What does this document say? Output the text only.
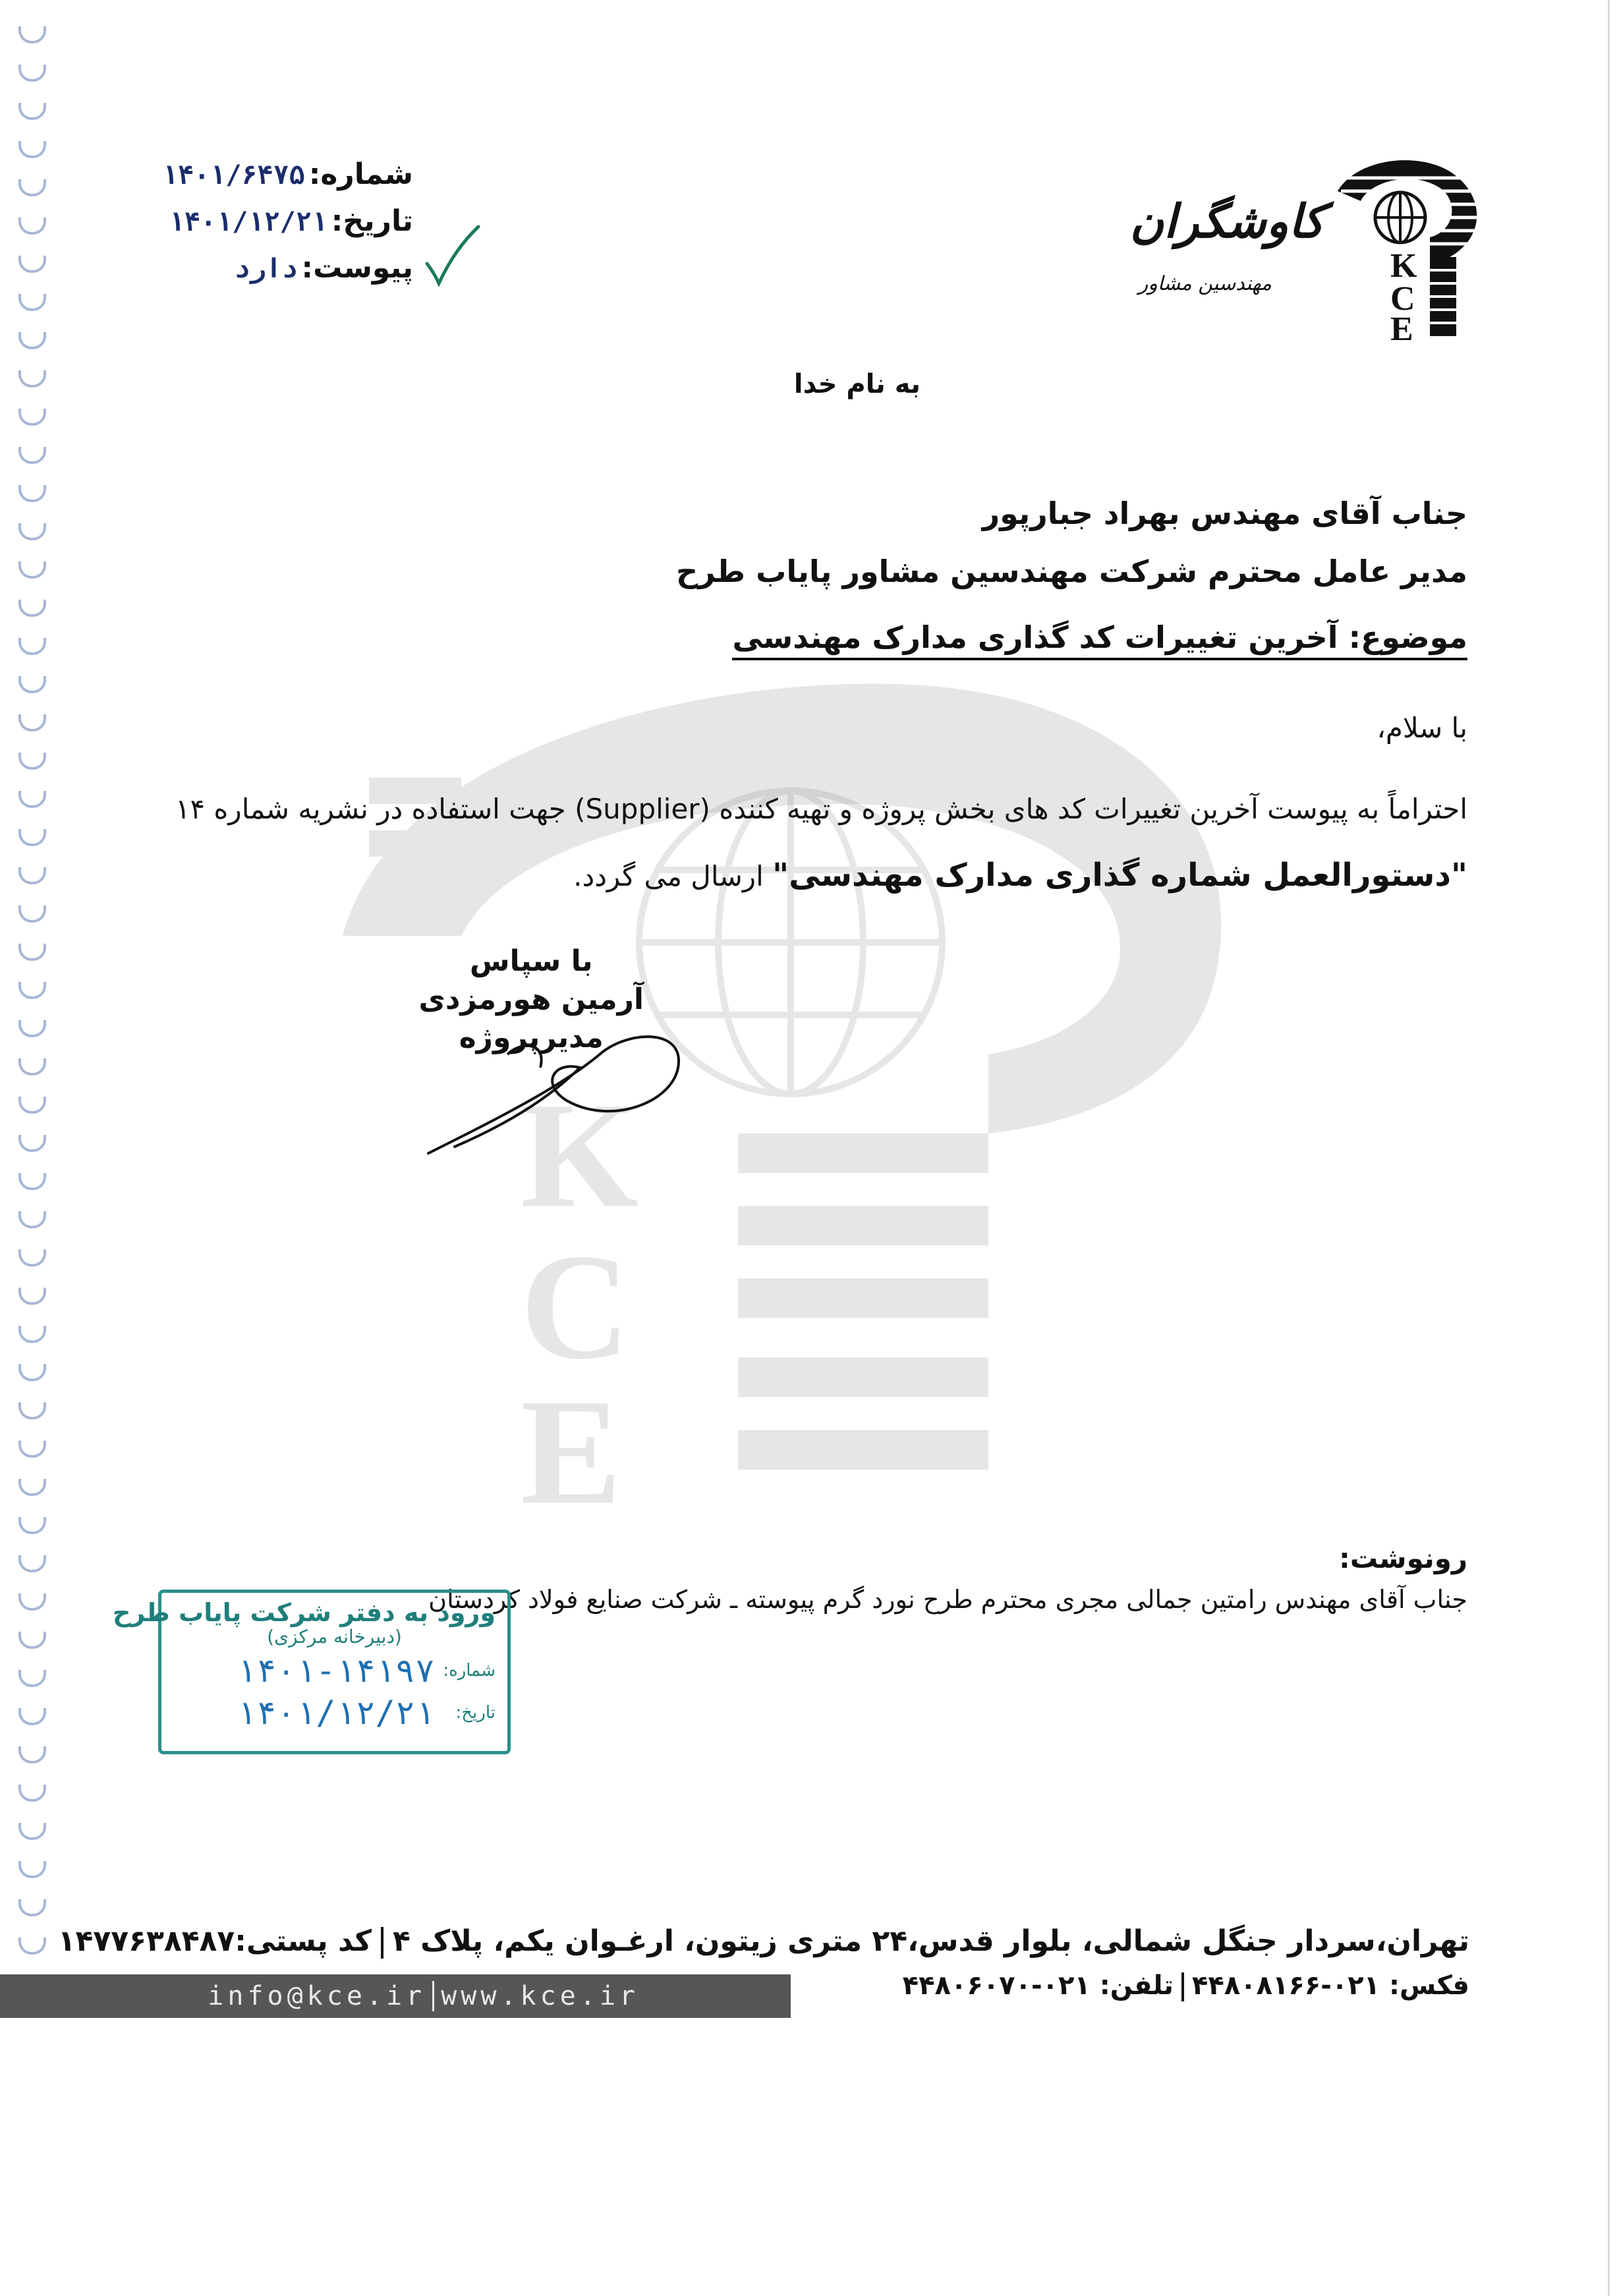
K
C
E
شماره:
۱۴۰۱/۶۴۷۵
تاریخ:
۱۴۰۱/۱۲/۲۱
پیوست:
دارد	K
C
E
کاوشگران
مهندسین مشاور
به نام خدا
جناب آقای مهندس بهراد جبارپور
مدیر عامل محترم شرکت مهندسین مشاور پایاب طرح
موضوع: آخرین تغییرات کد گذاری مدارک مهندسی
با سلام،
احتراماً به پیوست آخرین تغییرات کد های بخش پروژه و تهیه کننده (Supplier) جهت استفاده در نشریه شماره ۱۴
"دستورالعمل شماره گذاری مدارک مهندسی" ارسال می گردد.
با سپاس
آرمین هورمزدی
مدیرپروژه
رونوشت:
جناب آقای مهندس رامتین جمالی مجری محترم طرح نورد گرم پیوسته ـ شرکت صنایع فولاد کردستان
ورود به دفتر شرکت پایاب طرح
(دبیرخانه مرکزی)
شماره:
۱۴۰۱-۱۴۱۹۷
تاریخ:
۱۴۰۱/۱۲/۲۱
تهران،سردار جنگل شمالی، بلوار قدس،۲۴ متری زیتون، ارغـوان یکم، پلاک ۴کد پستی:۱۴۷۷۶۳۸۴۸۷
فکس: ۰۲۱-۴۴۸۰۸۱۶۶تلفن: ۰۲۱-۴۴۸۰۶۰۷۰
info@kce.ir www.kce.ir
